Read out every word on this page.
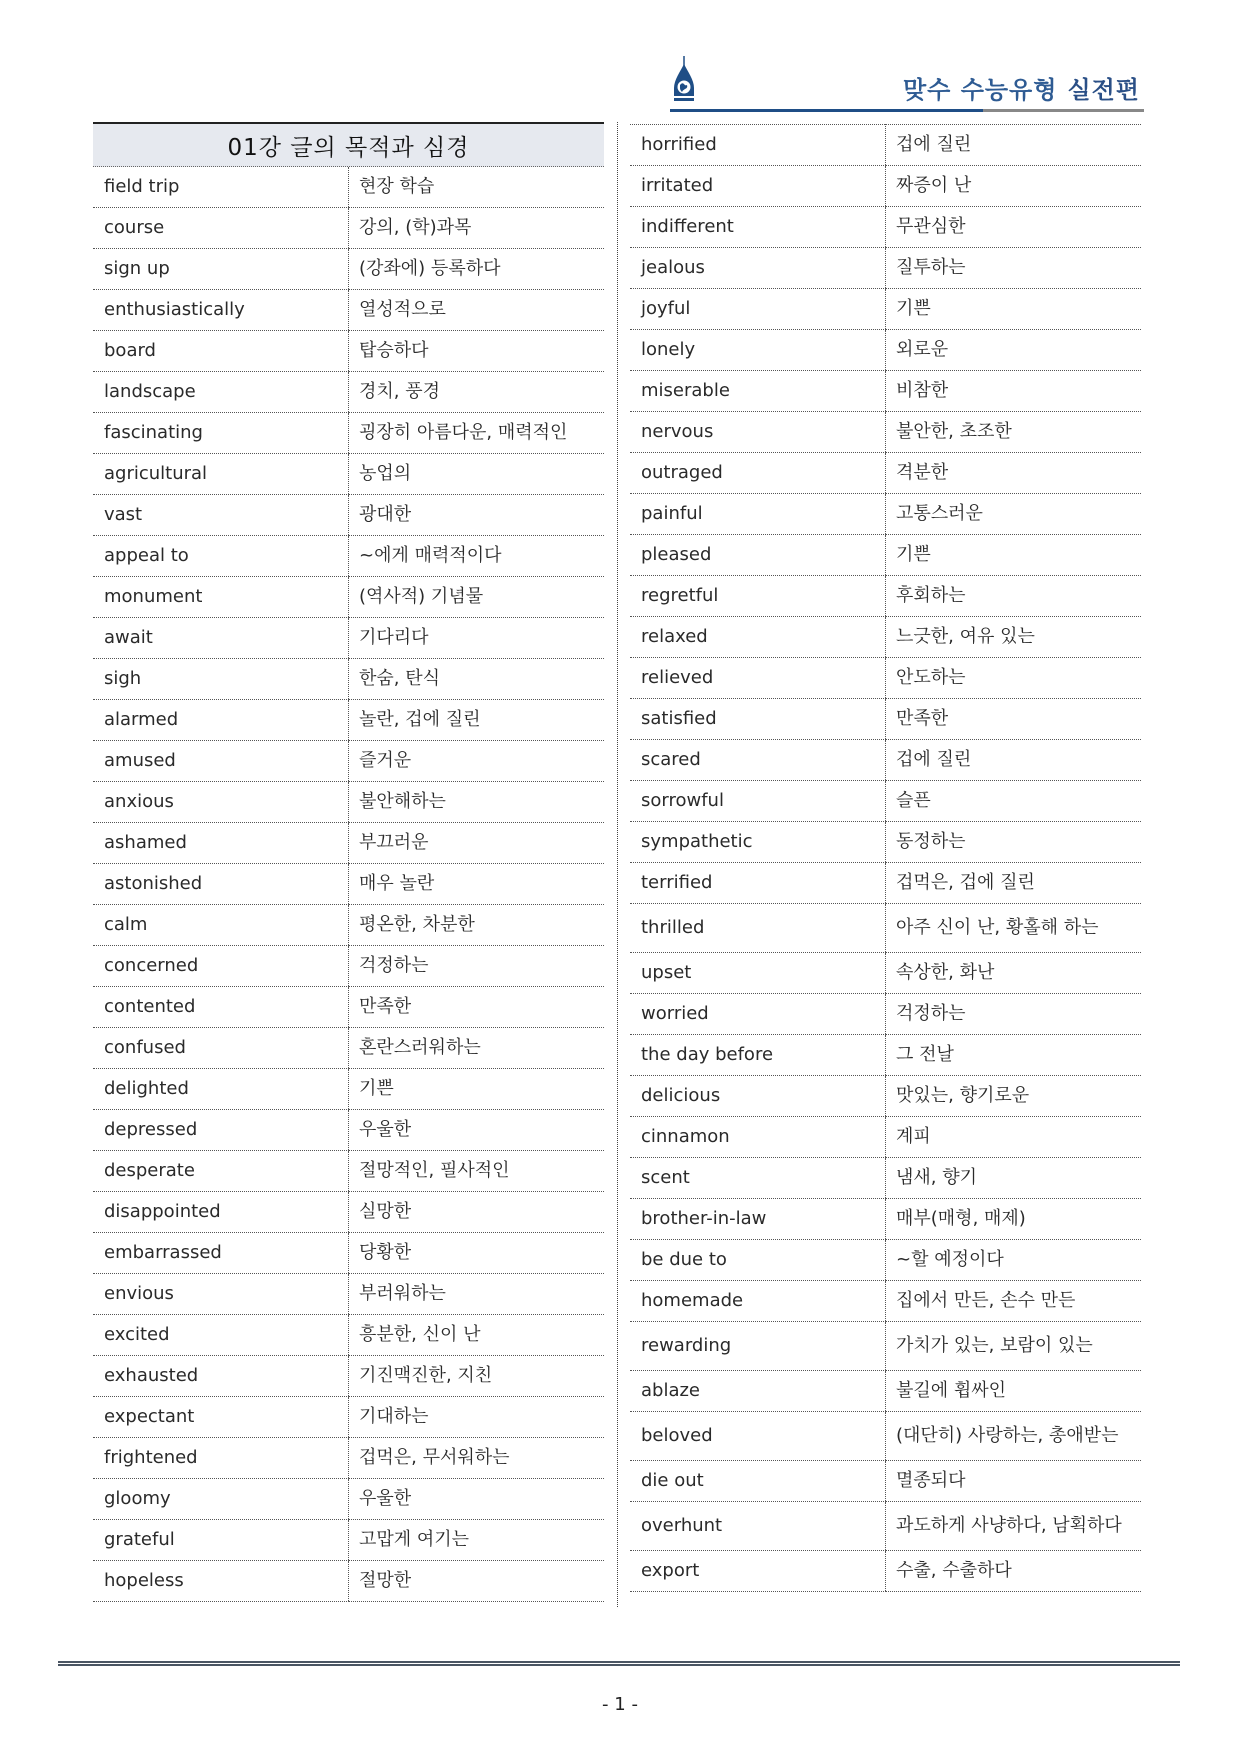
맞수 수능유형 실전편
01강 글의 목적과 심경
field trip	현장 학습
course	강의, (학)과목
sign up	(강좌에) 등록하다
enthusiastically	열성적으로
board	탑승하다
landscape	경치, 풍경
fascinating	굉장히 아름다운, 매력적인
agricultural	농업의
vast	광대한
appeal to	~에게 매력적이다
monument	(역사적) 기념물
await	기다리다
sigh	한숨, 탄식
alarmed	놀란, 겁에 질린
amused	즐거운
anxious	불안해하는
ashamed	부끄러운
astonished	매우 놀란
calm	평온한, 차분한
concerned	걱정하는
contented	만족한
confused	혼란스러워하는
delighted	기쁜
depressed	우울한
desperate	절망적인, 필사적인
disappointed	실망한
embarrassed	당황한
envious	부러워하는
excited	흥분한, 신이 난
exhausted	기진맥진한, 지친
expectant	기대하는
frightened	겁먹은, 무서워하는
gloomy	우울한
grateful	고맙게 여기는
hopeless	절망한
horrified	겁에 질린
irritated	짜증이 난
indifferent	무관심한
jealous	질투하는
joyful	기쁜
lonely	외로운
miserable	비참한
nervous	불안한, 초조한
outraged	격분한
painful	고통스러운
pleased	기쁜
regretful	후회하는
relaxed	느긋한, 여유 있는
relieved	안도하는
satisfied	만족한
scared	겁에 질린
sorrowful	슬픈
sympathetic	동정하는
terrified	겁먹은, 겁에 질린
thrilled	아주 신이 난, 황홀해 하는
upset	속상한, 화난
worried	걱정하는
the day before	그 전날
delicious	맛있는, 향기로운
cinnamon	계피
scent	냄새, 향기
brother-in-law	매부(매형, 매제)
be due to	~할 예정이다
homemade	집에서 만든, 손수 만든
rewarding	가치가 있는, 보람이 있는
ablaze	불길에 휩싸인
beloved	(대단히) 사랑하는, 총애받는
die out	멸종되다
overhunt	과도하게 사냥하다, 남획하다
export	수출, 수출하다
- 1 -
